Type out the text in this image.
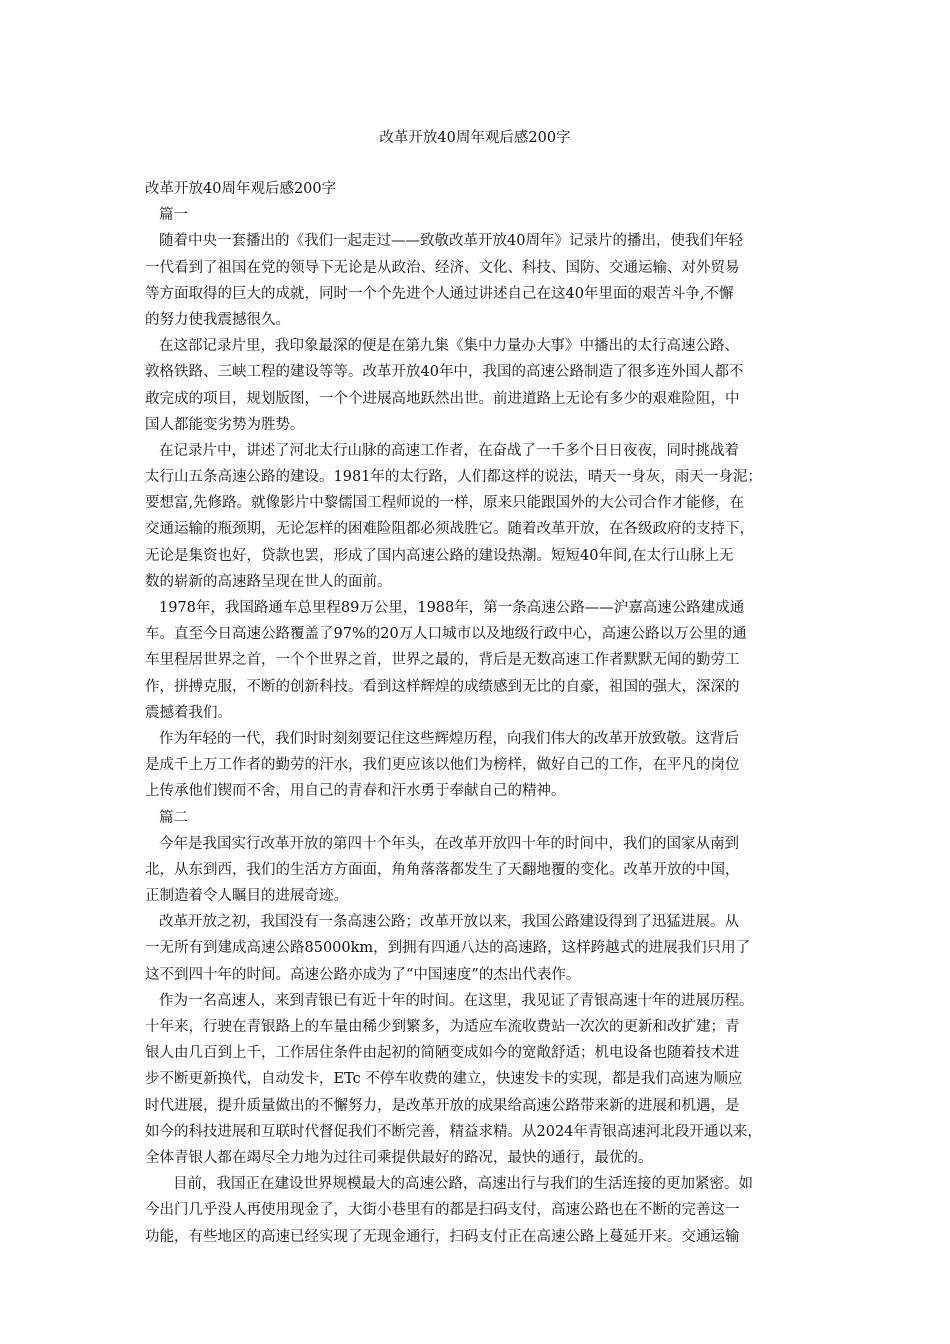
改革开放40周年观后感200字
改革开放40周年观后感200字
篇一
随着中央一套播出的《我们一起走过——致敬改革开放40周年》记录片的播出，使我们年轻
一代看到了祖国在党的领导下无论是从政治、经济、文化、科技、国防、交通运输、对外贸易
等方面取得的巨大的成就，同时一个个先进个人通过讲述自己在这40年里面的艰苦斗争,不懈
的努力使我震撼很久。
在这部记录片里，我印象最深的便是在第九集《集中力量办大事》中播出的太行高速公路、
敦格铁路、三峡工程的建设等等。改革开放40年中，我国的高速公路制造了很多连外国人都不
敢完成的项目，规划版图，一个个进展高地跃然出世。前进道路上无论有多少的艰难险阻，中
国人都能变劣势为胜势。
在记录片中，讲述了河北太行山脉的高速工作者，在奋战了一千多个日日夜夜，同时挑战着
太行山五条高速公路的建设。1981年的太行路，人们都这样的说法，晴天一身灰，雨天一身泥；
要想富,先修路。就像影片中黎儒国工程师说的一样，原来只能跟国外的大公司合作才能修，在
交通运输的瓶颈期，无论怎样的困难险阻都必须战胜它。随着改革开放，在各级政府的支持下，
无论是集资也好，贷款也罢，形成了国内高速公路的建设热潮。短短40年间,在太行山脉上无
数的崭新的高速路呈现在世人的面前。
1978年，我国路通车总里程89万公里，1988年，第一条高速公路——沪嘉高速公路建成通
车。直至今日高速公路覆盖了97%的20万人口城市以及地级行政中心，高速公路以万公里的通
车里程居世界之首，一个个世界之首，世界之最的，背后是无数高速工作者默默无闻的勤劳工
作，拼搏克服，不断的创新科技。看到这样辉煌的成绩感到无比的自豪，祖国的强大，深深的
震撼着我们。
作为年轻的一代，我们时时刻刻要记住这些辉煌历程，向我们伟大的改革开放致敬。这背后
是成千上万工作者的勤劳的汗水，我们更应该以他们为榜样，做好自己的工作，在平凡的岗位
上传承他们锲而不舍，用自己的青春和汗水勇于奉献自己的精神。
篇二
今年是我国实行改革开放的第四十个年头，在改革开放四十年的时间中，我们的国家从南到
北，从东到西，我们的生活方方面面，角角落落都发生了天翻地覆的变化。改革开放的中国，
正制造着令人瞩目的进展奇迹。
改革开放之初，我国没有一条高速公路；改革开放以来，我国公路建设得到了迅猛进展。从
一无所有到建成高速公路85000km，到拥有四通八达的高速路，这样跨越式的进展我们只用了
这不到四十年的时间。高速公路亦成为了“中国速度”的杰出代表作。
作为一名高速人，来到青银已有近十年的时间。在这里，我见证了青银高速十年的进展历程。
十年来，行驶在青银路上的车量由稀少到繁多，为适应车流收费站一次次的更新和改扩建；青
银人由几百到上千，工作居住条件由起初的简陋变成如今的宽敞舒适；机电设备也随着技术进
步不断更新换代，自动发卡，ETc 不停车收费的建立，快速发卡的实现，都是我们高速为顺应
时代进展，提升质量做出的不懈努力，是改革开放的成果给高速公路带来新的进展和机遇，是
如今的科技进展和互联时代督促我们不断完善，精益求精。从2024年青银高速河北段开通以来，
全体青银人都在竭尽全力地为过往司乘提供最好的路况，最快的通行，最优的。
目前，我国正在建设世界规模最大的高速公路，高速出行与我们的生活连接的更加紧密。如
今出门几乎没人再使用现金了，大街小巷里有的都是扫码支付，高速公路也在不断的完善这一
功能，有些地区的高速已经实现了无现金通行，扫码支付正在高速公路上蔓延开来。交通运输
